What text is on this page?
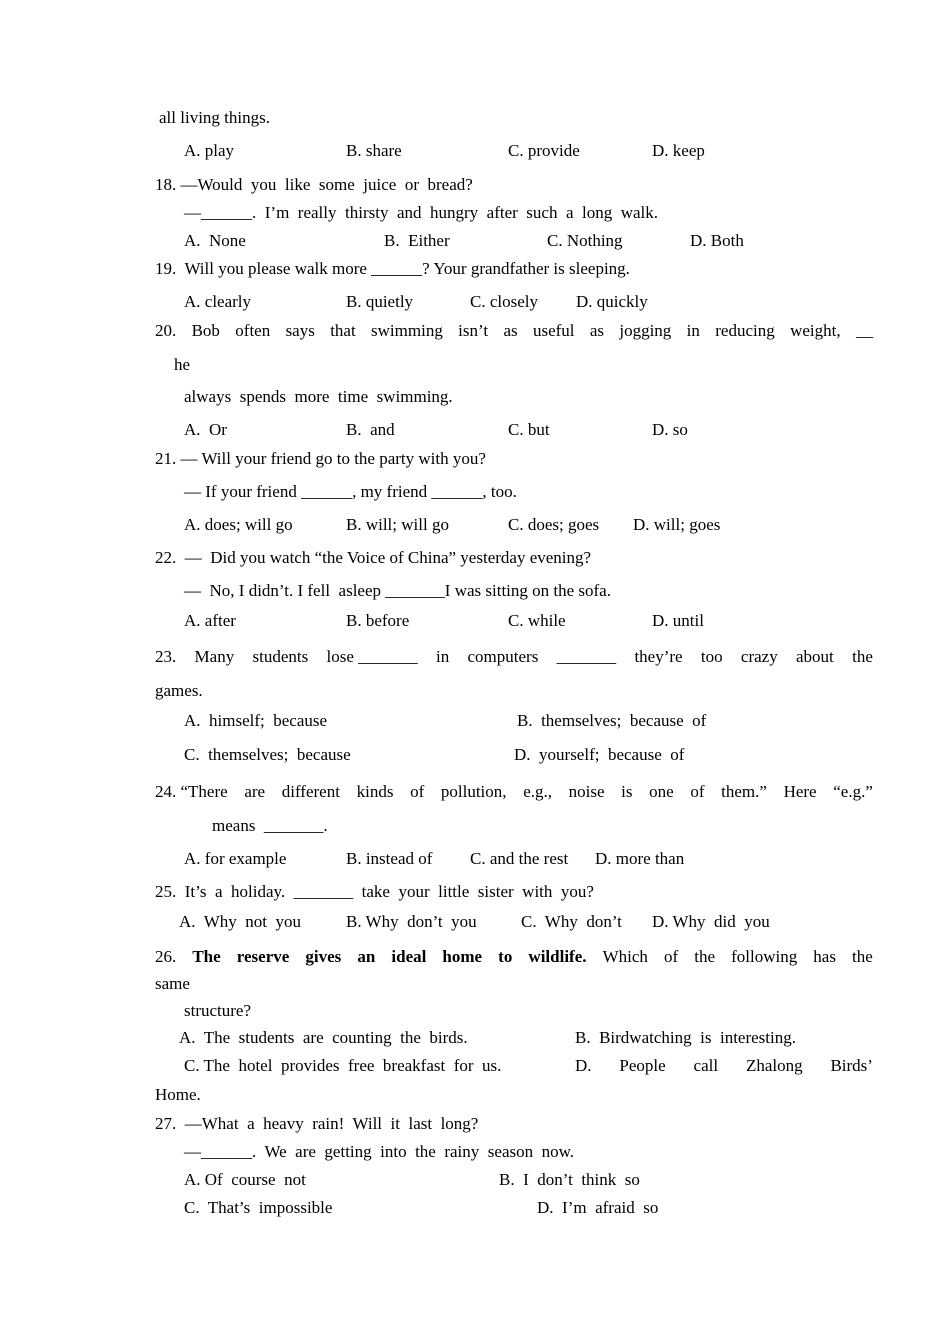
all living things.
A. play	B. share	C. provide	D. keep
18. —Would  you  like  some  juice  or  bread?
—______.  I’m  really  thirsty  and  hungry  after  such  a  long  walk.
A.  None	B.  Either	C. Nothing	D. Both
19.  Will you please walk more ______? Your grandfather is sleeping.
A. clearly	B. quietly	C. closely D. quickly
20. Bob often says that swimming isn’t as useful as jogging in reducing weight, __
he
always  spends  more  time  swimming.
A.  Or	B.  and	C. but	D. so
21. — Will your friend go to the party with you?
— If your friend ______, my friend ______, too.
A. does; will go	B. will; will go	C. does; goes D. will; goes
22.  —  Did you watch “the Voice of China” yesterday evening?
—  No, I didn’t. I fell  asleep _______I was sitting on the sofa.
A. after	B. before	C. while	D. until
23. Many students lose _______ in computers _______ they’re too crazy about the
games.
A.  himself;  because	B.  themselves;  because  of
C.  themselves;  because	D.  yourself;  because  of
24. “There are different kinds of pollution, e.g., noise is one of them.” Here “e.g.”
means  _______.
A. for example	B. instead of C. and the rest D. more than
25.  It’s  a  holiday.  _______  take  your  little  sister  with  you?
A.  Why  not  you	B. Why  don’t  you	C.  Why  don’t D. Why  did  you
26. The reserve gives an ideal home to wildlife. Which of the following has the
same
structure?
A.  The  students  are  counting  the  birds.	B.  Birdwatching  is  interesting.
C. The  hotel  provides  free  breakfast  for  us.	D. People call Zhalong Birds’
Home.
27.  —What  a  heavy  rain!  Will  it  last  long?
—______.  We  are  getting  into  the  rainy  season  now.
A. Of  course  not	B.  I  don’t  think  so
C.  That’s  impossible	D.  I’m  afraid  so
